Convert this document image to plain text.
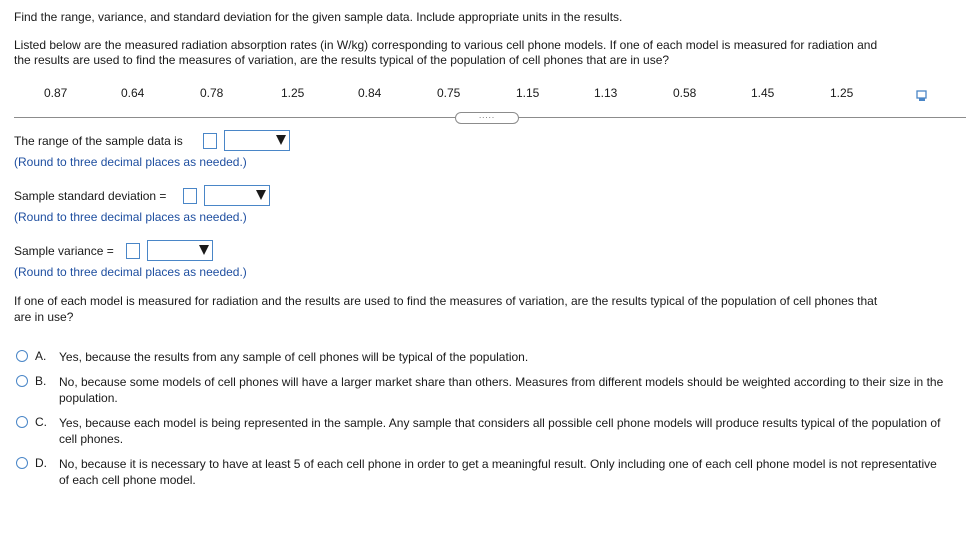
Find the range, variance, and standard deviation for the given sample data. Include appropriate units in the results.
Listed below are the measured radiation absorption rates (in W/kg) corresponding to various cell phone models. If one of each model is measured for radiation and
the results are used to find the measures of variation, are the results typical of the population of cell phones that are in use?
0.87	0.64	0.78	1.25	0.84	0.75	1.15	1.13	0.58	1.45	1.25
.....
The range of the sample data is
(Round to three decimal places as needed.)
Sample standard deviation =
(Round to three decimal places as needed.)
Sample variance =
(Round to three decimal places as needed.)
If one of each model is measured for radiation and the results are used to find the measures of variation, are the results typical of the population of cell phones that
are in use?
A. Yes, because the results from any sample of cell phones will be typical of the population.
B. No, because some models of cell phones will have a larger market share than others. Measures from different models should be weighted according to their size in the population.
C. Yes, because each model is being represented in the sample. Any sample that considers all possible cell phone models will produce results typical of the population of cell phones.
D. No, because it is necessary to have at least 5 of each cell phone in order to get a meaningful result. Only including one of each cell phone model is not representative of each cell phone model.
